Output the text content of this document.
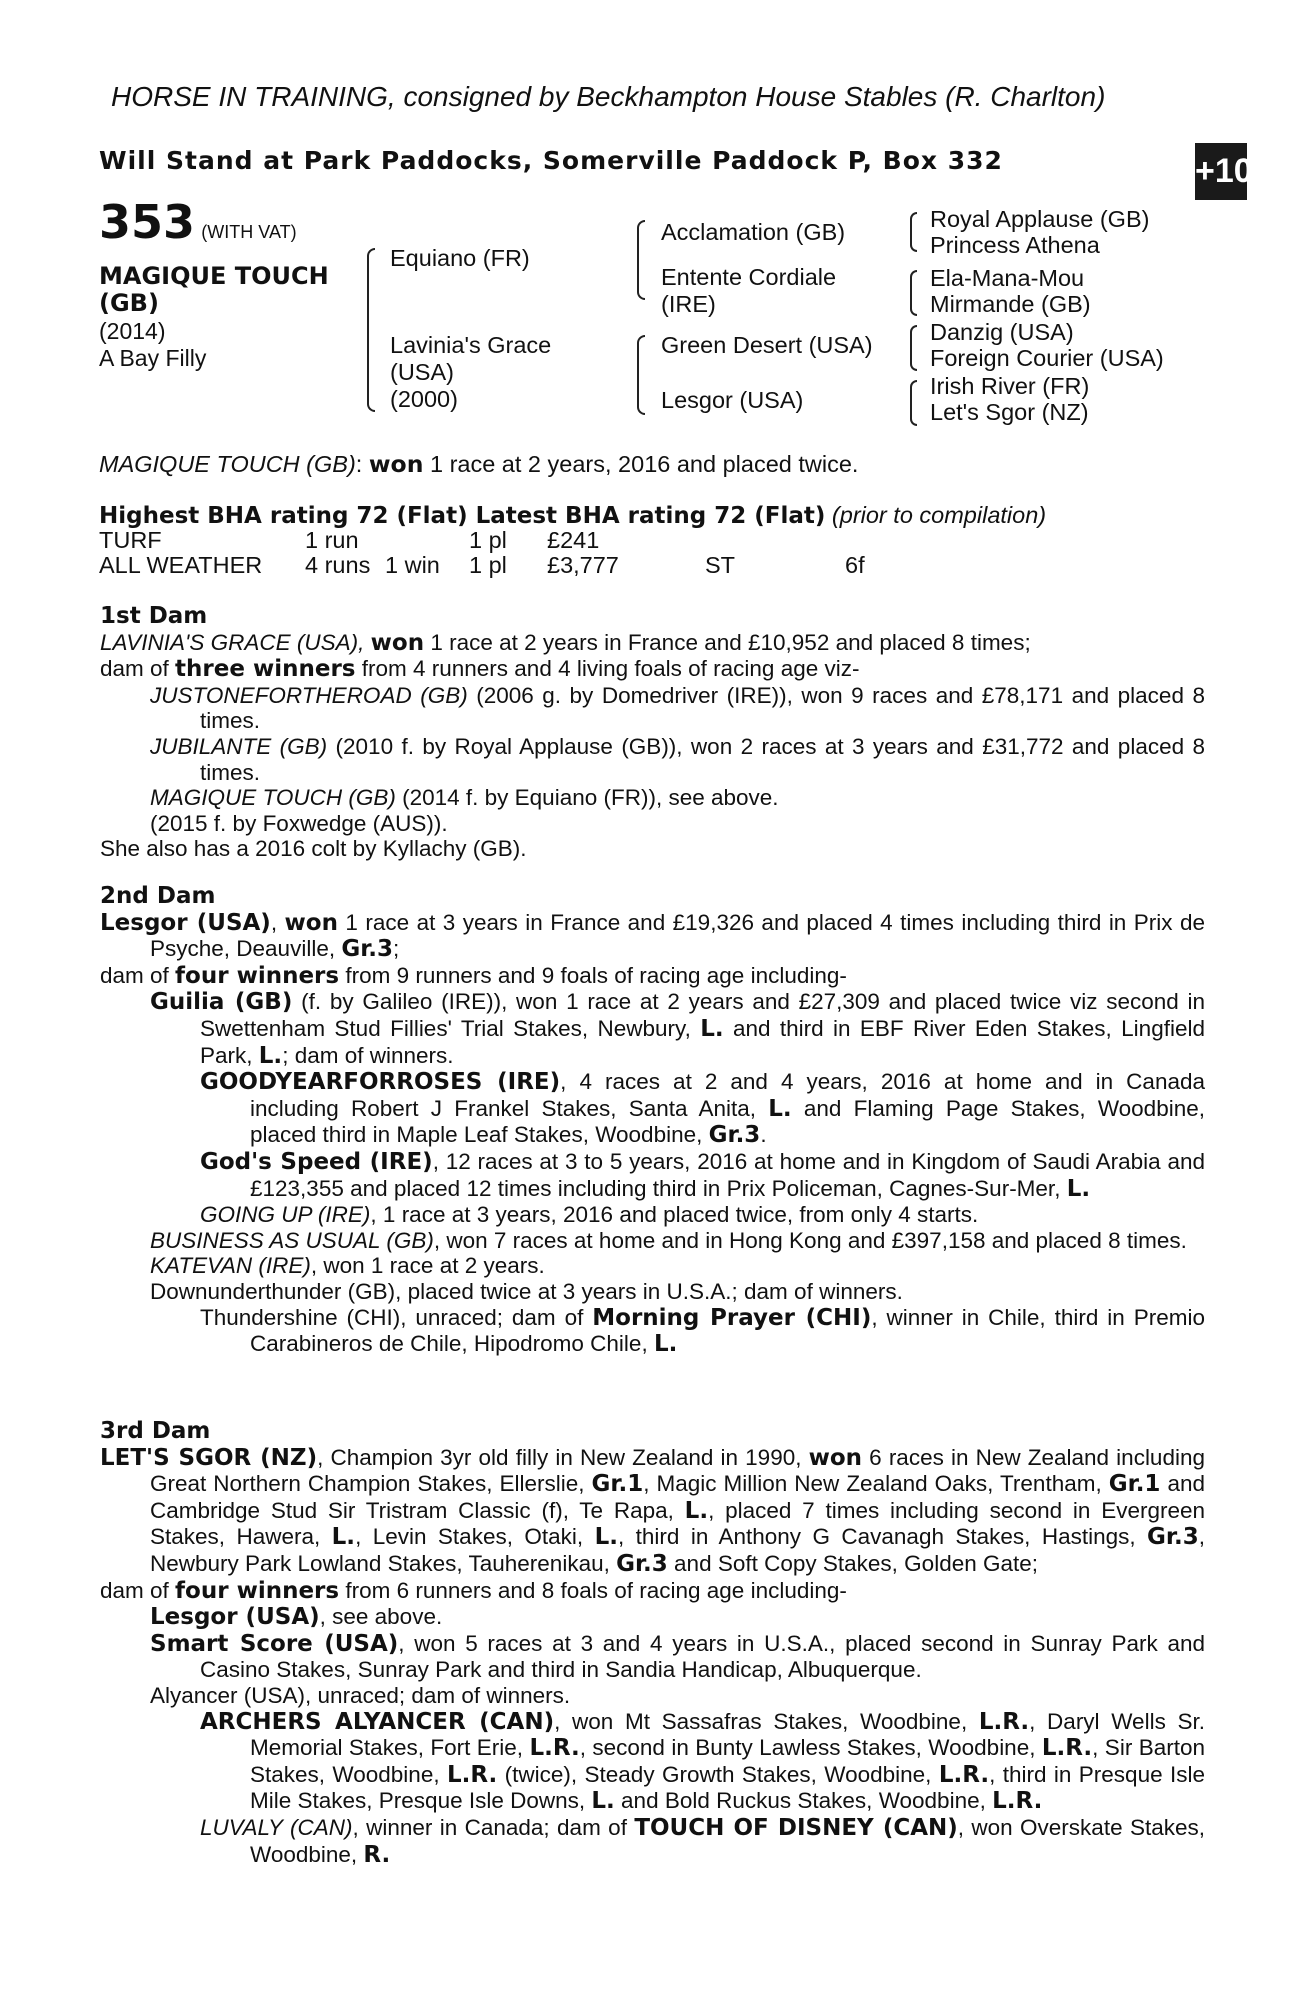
HORSE IN TRAINING, consigned by Beckhampton House Stables (R. Charlton)
Will Stand at Park Paddocks, Somerville Paddock P, Box 332	+10
353 (WITH VAT)
MAGIQUE TOUCH
(GB)
(2014)
A Bay Filly
Equiano (FR)
Lavinia's Grace
(USA)
(2000)
Acclamation (GB)
Entente Cordiale
(IRE)
Green Desert (USA)
Lesgor (USA)
Royal Applause (GB)
Princess Athena
Ela-Mana-Mou
Mirmande (GB)
Danzig (USA)
Foreign Courier (USA)
Irish River (FR)
Let's Sgor (NZ)
MAGIQUE TOUCH (GB): won 1 race at 2 years, 2016 and placed twice.
Highest BHA rating 72 (Flat) Latest BHA rating 72 (Flat) (prior to compilation)
TURF	1 run	1 pl £241
ALL WEATHER 4 runs 1 win 1 pl £3,777	ST	6f

1st Dam

LAVINIA'S GRACE (USA), won 1 race at 2 years in France and £10,952 and placed 8 times;

dam of three winners from 4 runners and 4 living foals of racing age viz-

JUSTONEFORTHEROAD (GB) (2006 g. by Domedriver (IRE)), won 9 races and £78,171 and placed 8 times.

JUBILANTE (GB) (2010 f. by Royal Applause (GB)), won 2 races at 3 years and £31,772 and placed 8 times.

MAGIQUE TOUCH (GB) (2014 f. by Equiano (FR)), see above.

(2015 f. by Foxwedge (AUS)).

She also has a 2016 colt by Kyllachy (GB).

2nd Dam

Lesgor (USA), won 1 race at 3 years in France and £19,326 and placed 4 times including third in Prix de Psyche, Deauville, Gr.3;

dam of four winners from 9 runners and 9 foals of racing age including-

Guilia (GB) (f. by Galileo (IRE)), won 1 race at 2 years and £27,309 and placed twice viz second in Swettenham Stud Fillies' Trial Stakes, Newbury, L. and third in EBF River Eden Stakes, Lingfield Park, L.; dam of winners.

GOODYEARFORROSES (IRE), 4 races at 2 and 4 years, 2016 at home and in Canada including Robert J Frankel Stakes, Santa Anita, L. and Flaming Page Stakes, Woodbine, placed third in Maple Leaf Stakes, Woodbine, Gr.3.

God's Speed (IRE), 12 races at 3 to 5 years, 2016 at home and in Kingdom of Saudi Arabia and £123,355 and placed 12 times including third in Prix Policeman, Cagnes-Sur-Mer, L.

GOING UP (IRE), 1 race at 3 years, 2016 and placed twice, from only 4 starts.

BUSINESS AS USUAL (GB), won 7 races at home and in Hong Kong and £397,158 and placed 8 times.

KATEVAN (IRE), won 1 race at 2 years.

Downunderthunder (GB), placed twice at 3 years in U.S.A.; dam of winners.

Thundershine (CHI), unraced; dam of Morning Prayer (CHI), winner in Chile, third in Premio Carabineros de Chile, Hipodromo Chile, L.

3rd Dam

LET'S SGOR (NZ), Champion 3yr old filly in New Zealand in 1990, won 6 races in New Zealand including Great Northern Champion Stakes, Ellerslie, Gr.1, Magic Million New Zealand Oaks, Trentham, Gr.1 and Cambridge Stud Sir Tristram Classic (f), Te Rapa, L., placed 7 times including second in Evergreen Stakes, Hawera, L., Levin Stakes, Otaki, L., third in Anthony G Cavanagh Stakes, Hastings, Gr.3, Newbury Park Lowland Stakes, Tauherenikau, Gr.3 and Soft Copy Stakes, Golden Gate;

dam of four winners from 6 runners and 8 foals of racing age including-

Lesgor (USA), see above.

Smart Score (USA), won 5 races at 3 and 4 years in U.S.A., placed second in Sunray Park and Casino Stakes, Sunray Park and third in Sandia Handicap, Albuquerque.

Alyancer (USA), unraced; dam of winners.

ARCHERS ALYANCER (CAN), won Mt Sassafras Stakes, Woodbine, L.R., Daryl Wells Sr. Memorial Stakes, Fort Erie, L.R., second in Bunty Lawless Stakes, Woodbine, L.R., Sir Barton Stakes, Woodbine, L.R. (twice), Steady Growth Stakes, Woodbine, L.R., third in Presque Isle Mile Stakes, Presque Isle Downs, L. and Bold Ruckus Stakes, Woodbine, L.R.

LUVALY (CAN), winner in Canada; dam of TOUCH OF DISNEY (CAN), won Overskate Stakes, Woodbine, R.
